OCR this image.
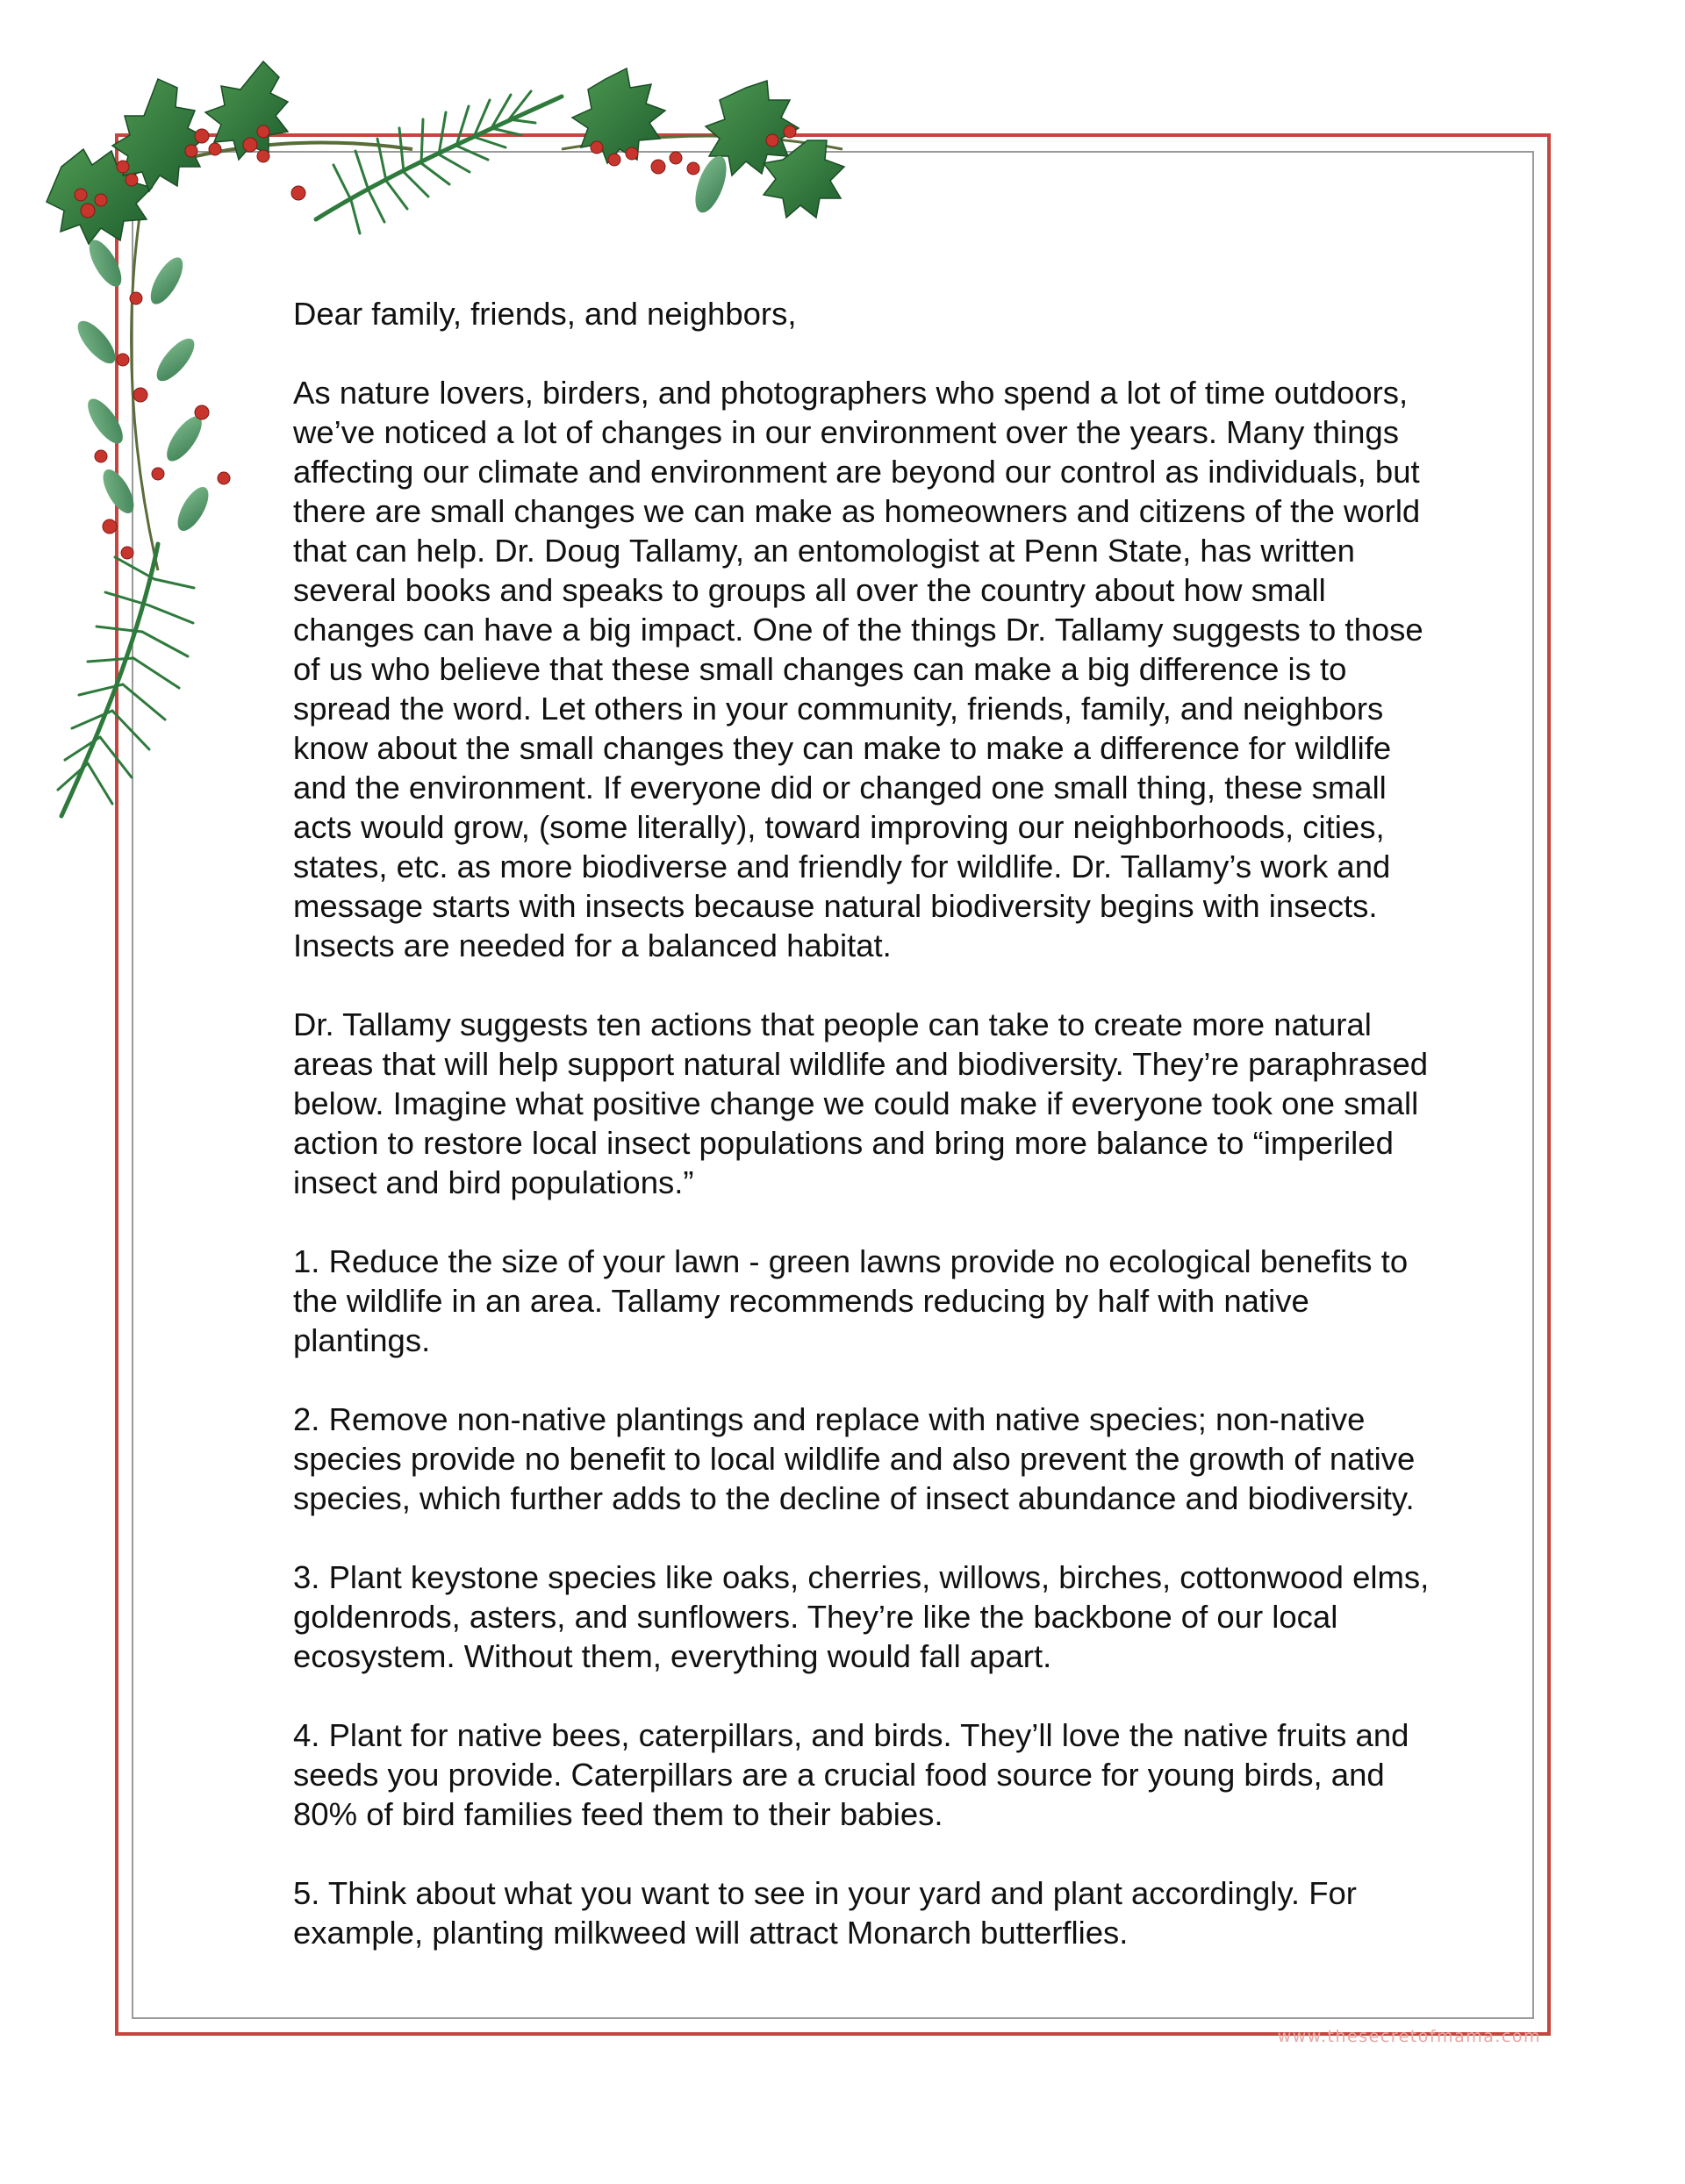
Dear family, friends, and neighbors,

As nature lovers, birders, and photographers who spend a lot of time outdoors,
we’ve noticed a lot of changes in our environment over the years. Many things
affecting our climate and environment are beyond our control as individuals, but
there are small changes we can make as homeowners and citizens of the world
that can help. Dr. Doug Tallamy, an entomologist at Penn State, has written
several books and speaks to groups all over the country about how small
changes can have a big impact. One of the things Dr. Tallamy suggests to those
of us who believe that these small changes can make a big difference is to
spread the word. Let others in your community, friends, family, and neighbors
know about the small changes they can make to make a difference for wildlife
and the environment. If everyone did or changed one small thing, these small
acts would grow, (some literally), toward improving our neighborhoods, cities,
states, etc. as more biodiverse and friendly for wildlife. Dr. Tallamy’s work and
message starts with insects because natural biodiversity begins with insects.
Insects are needed for a balanced habitat.

Dr. Tallamy suggests ten actions that people can take to create more natural
areas that will help support natural wildlife and biodiversity. They’re paraphrased
below. Imagine what positive change we could make if everyone took one small
action to restore local insect populations and bring more balance to “imperiled
insect and bird populations.”

1. Reduce the size of your lawn - green lawns provide no ecological benefits to
the wildlife in an area. Tallamy recommends reducing by half with native
plantings.

2. Remove non-native plantings and replace with native species; non-native
species provide no benefit to local wildlife and also prevent the growth of native
species, which further adds to the decline of insect abundance and biodiversity.

3. Plant keystone species like oaks, cherries, willows, birches, cottonwood elms,
goldenrods, asters, and sunflowers. They’re like the backbone of our local
ecosystem. Without them, everything would fall apart.

4. Plant for native bees, caterpillars, and birds. They’ll love the native fruits and
seeds you provide. Caterpillars are a crucial food source for young birds, and
80% of bird families feed them to their babies.

5. Think about what you want to see in your yard and plant accordingly. For
example, planting milkweed will attract Monarch butterflies.

www.thesecretofmama.com
